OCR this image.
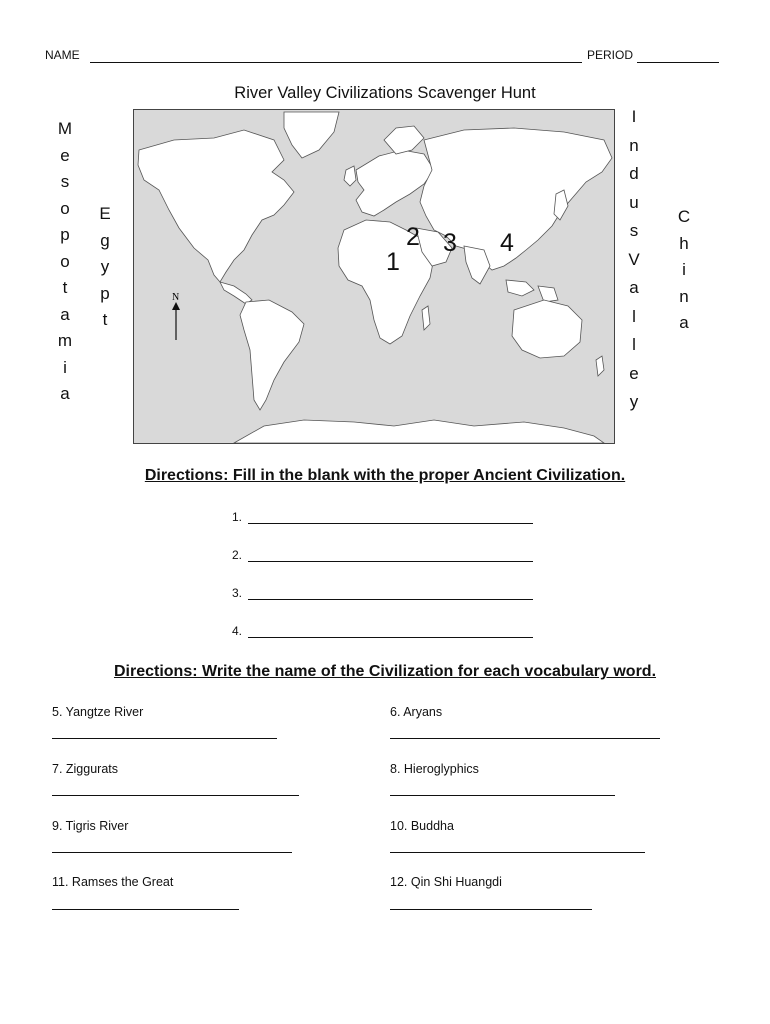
NAME	PERIOD
River Valley Civilizations Scavenger Hunt
M
e
s
o
p
o
t
a
m
i
a
E
g
y
p
t
I
n
d
u
s
V
a
l
l
e
y
C
h
i
n
a
N
1
2 3 4
Directions: Fill in the blank with the proper Ancient Civilization.
1.
2.
3.
4.
Directions: Write the name of the Civilization for each vocabulary word.
5. Yangtze River	6. Aryans
7. Ziggurats	8. Hieroglyphics
9. Tigris River	10. Buddha
11. Ramses the Great	12. Qin Shi Huangdi
